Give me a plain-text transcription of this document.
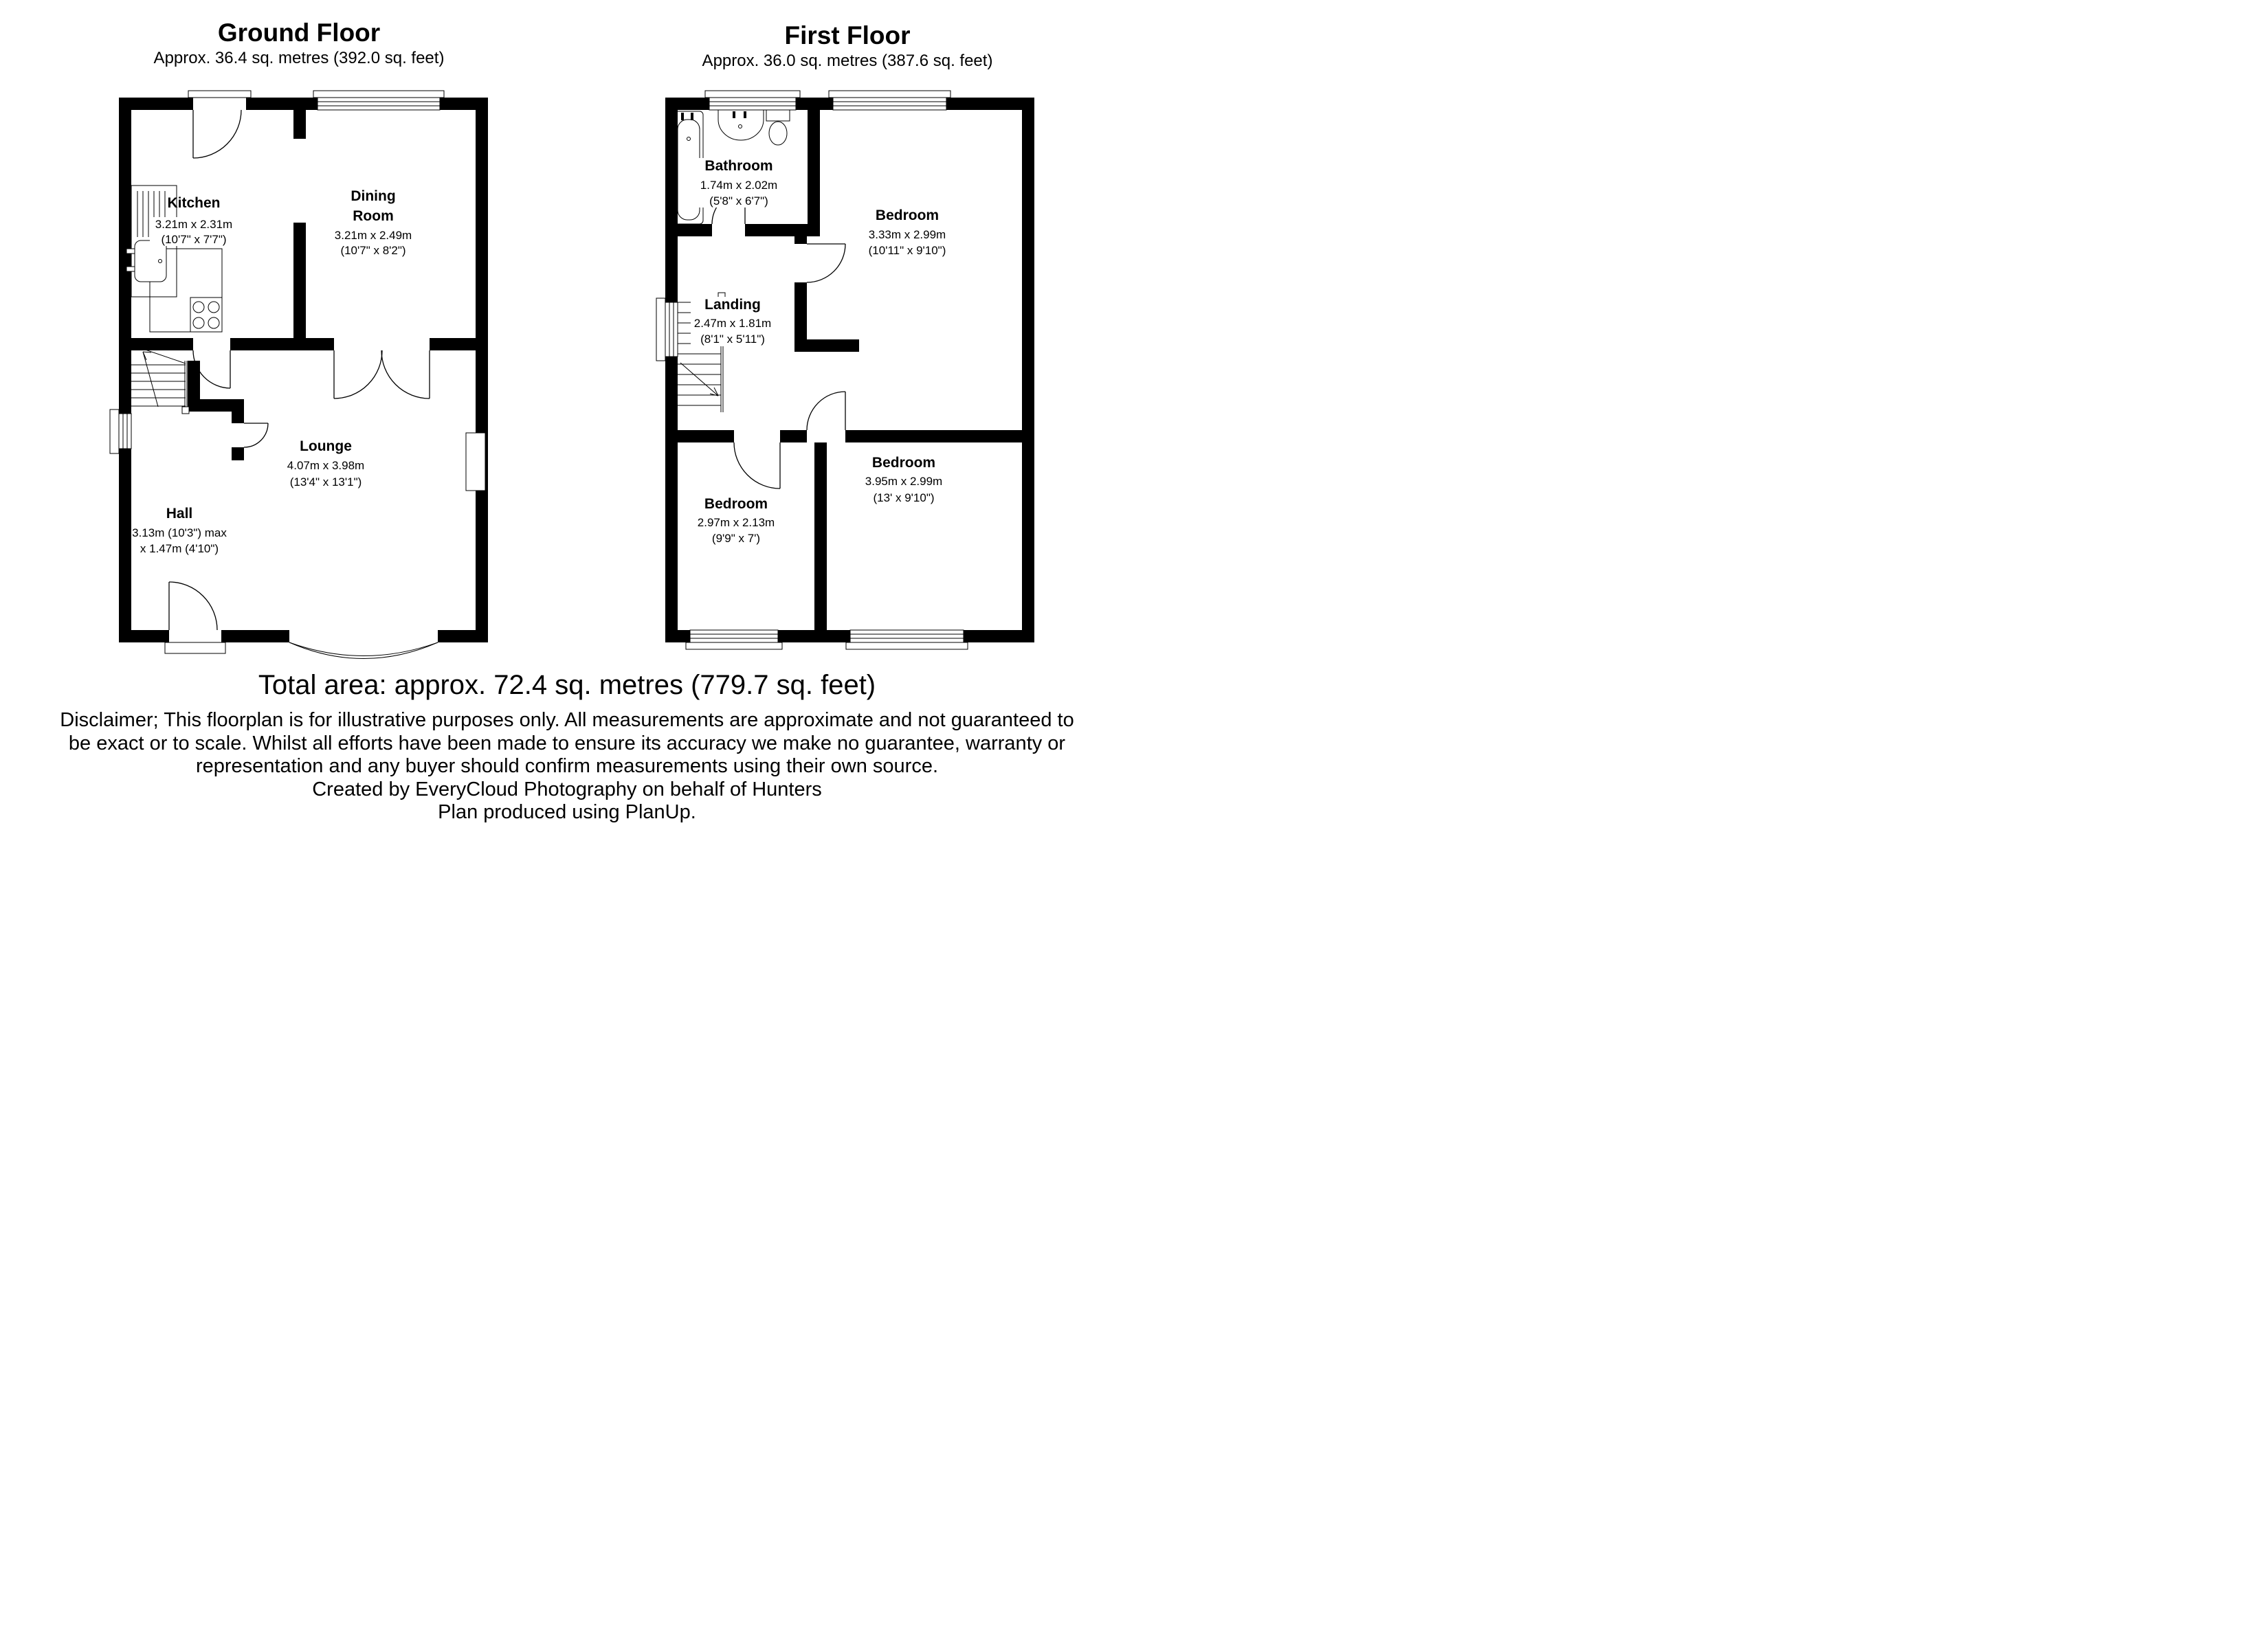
Ground Floor
Approx. 36.4 sq. metres (392.0 sq. feet)
First Floor
Approx. 36.0 sq. metres (387.6 sq. feet)
Kitchen
3.21m x 2.31m
(10'7" x 7'7")
Dining
Room
3.21m x 2.49m
(10'7" x 8'2")
Lounge
4.07m x 3.98m
(13'4" x 13'1")
Hall
3.13m (10'3") max
x 1.47m (4'10")
Bathroom
1.74m x 2.02m
(5'8" x 6'7")
Bedroom
3.33m x 2.99m
(10'11" x 9'10")
Landing
2.47m x 1.81m
(8'1" x 5'11")
Bedroom
2.97m x 2.13m
(9'9" x 7')
Bedroom
3.95m x 2.99m
(13' x 9'10")
Total area: approx. 72.4 sq. metres (779.7 sq. feet)
Disclaimer; This floorplan is for illustrative purposes only. All measurements are approximate and not guaranteed to
be exact or to scale. Whilst all efforts have been made to ensure its accuracy we make no guarantee, warranty or
representation and any buyer should confirm measurements using their own source.
Created by EveryCloud Photography on behalf of Hunters
Plan produced using PlanUp.
